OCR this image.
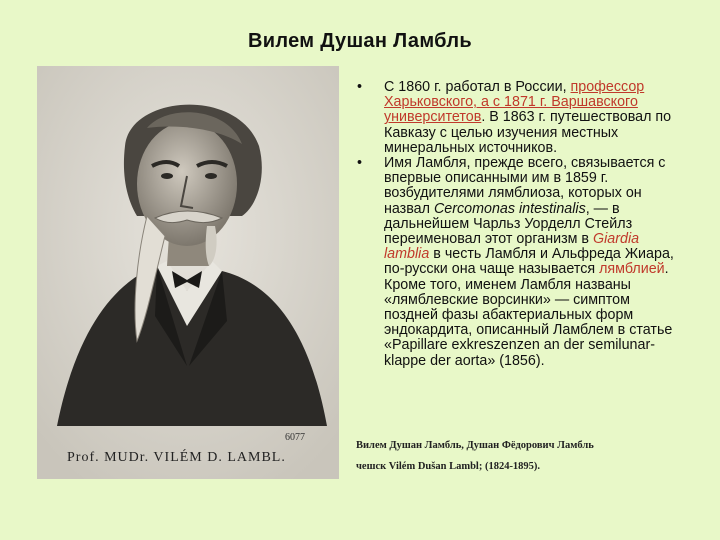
Вилем Душан Ламбль
6077
Prof. MUDr. VILÉM D. LAMBL.
•	С 1860 г. работал в России, профессор Харьковского, а с 1871 г. Варшавского университетов. В 1863 г. путешествовал по Кавказу с целью изучения местных минеральных источников.
•	Имя Ламбля, прежде всего, связывается с впервые описанными им в 1859 г. возбудителями лямблиоза, которых он назвал Cercomonas intestinalis, — в дальнейшем Чарльз Уорделл Стейлз переименовал этот организм в Giardia lamblia в честь Ламбля и Альфреда Жиара, по-русски она чаще называется лямблией. Кроме того, именем Ламбля названы «лямблевские ворсинки» — симптом поздней фазы абактериальных форм эндокардита, описанный Ламблем в статье «Papillare exkreszenzen an der semilunar-klappe der aorta» (1856).
Вилем Душан Ламбль, Душан Фёдорович Ламбль
чешск Vilém Dušan Lambl; (1824-1895).
